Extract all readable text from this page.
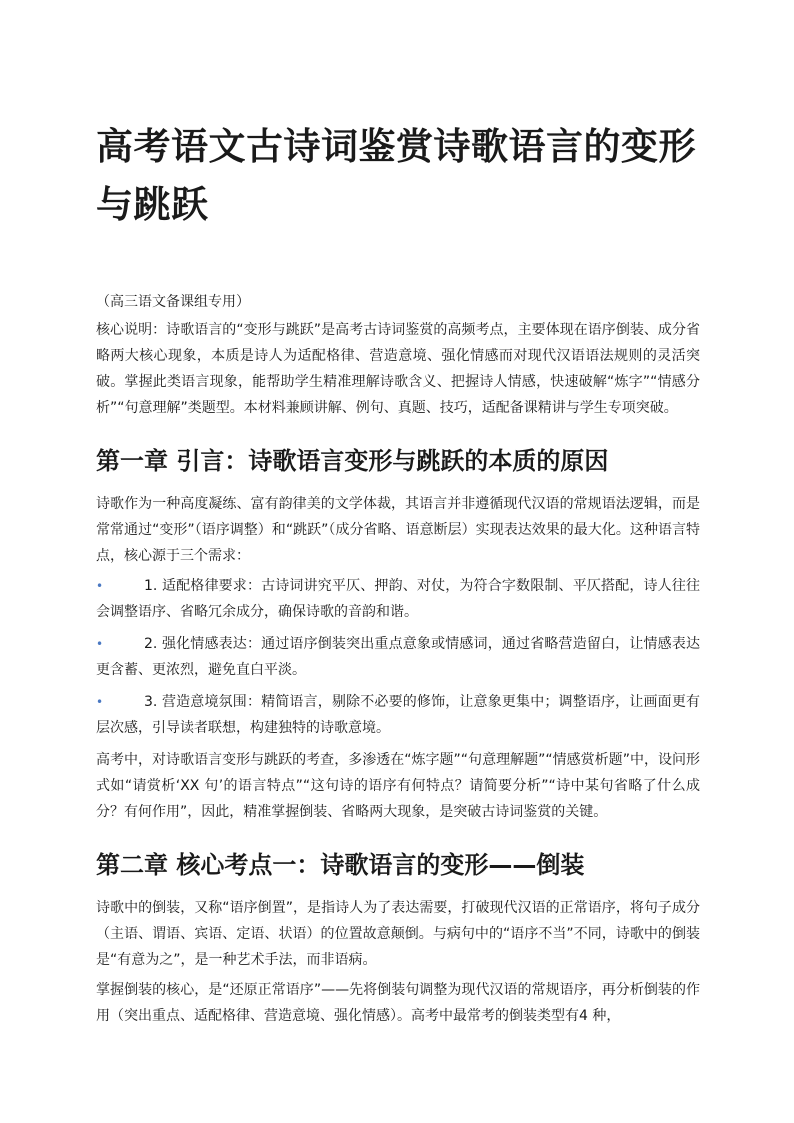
高考语文古诗词鉴赏诗歌语言的变形与跳跃

（高三语文备课组专用）

核心说明：诗歌语言的“变形与跳跃”是高考古诗词鉴赏的高频考点，主要体现在语序倒装、成分省略两大核心现象，本质是诗人为适配格律、营造意境、强化情感而对现代汉语语法规则的灵活突破。掌握此类语言现象，能帮助学生精准理解诗歌含义、把握诗人情感，快速破解“炼字”“情感分析”“句意理解”类题型。本材料兼顾讲解、例句、真题、技巧，适配备课精讲与学生专项突破。

第一章 引言：诗歌语言变形与跳跃的本质的原因

诗歌作为一种高度凝练、富有韵律美的文学体裁，其语言并非遵循现代汉语的常规语法逻辑，而是常常通过“变形”（语序调整）和“跳跃”（成分省略、语意断层）实现表达效果的最大化。这种语言特点，核心源于三个需求：

•	1. 适配格律要求：古诗词讲究平仄、押韵、对仗，为符合字数限制、平仄搭配，诗人往往会调整语序、省略冗余成分，确保诗歌的音韵和谐。
•	2. 强化情感表达：通过语序倒装突出重点意象或情感词，通过省略营造留白，让情感表达更含蓄、更浓烈，避免直白平淡。
•	3. 营造意境氛围：精简语言，剔除不必要的修饰，让意象更集中；调整语序，让画面更有层次感，引导读者联想，构建独特的诗歌意境。

高考中，对诗歌语言变形与跳跃的考查，多渗透在“炼字题”“句意理解题”“情感赏析题”中，设问形式如“请赏析‘XX 句’的语言特点”“这句诗的语序有何特点？请简要分析”“诗中某句省略了什么成分？有何作用”，因此，精准掌握倒装、省略两大现象，是突破古诗词鉴赏的关键。

第二章 核心考点一：诗歌语言的变形——倒装

诗歌中的倒装，又称“语序倒置”，是指诗人为了表达需要，打破现代汉语的正常语序，将句子成分（主语、谓语、宾语、定语、状语）的位置故意颠倒。与病句中的“语序不当”不同，诗歌中的倒装是“有意为之”，是一种艺术手法，而非语病。

掌握倒装的核心，是“还原正常语序”——先将倒装句调整为现代汉语的常规语序，再分析倒装的作用（突出重点、适配格律、营造意境、强化情感）。高考中最常考的倒装类型有4 种，
